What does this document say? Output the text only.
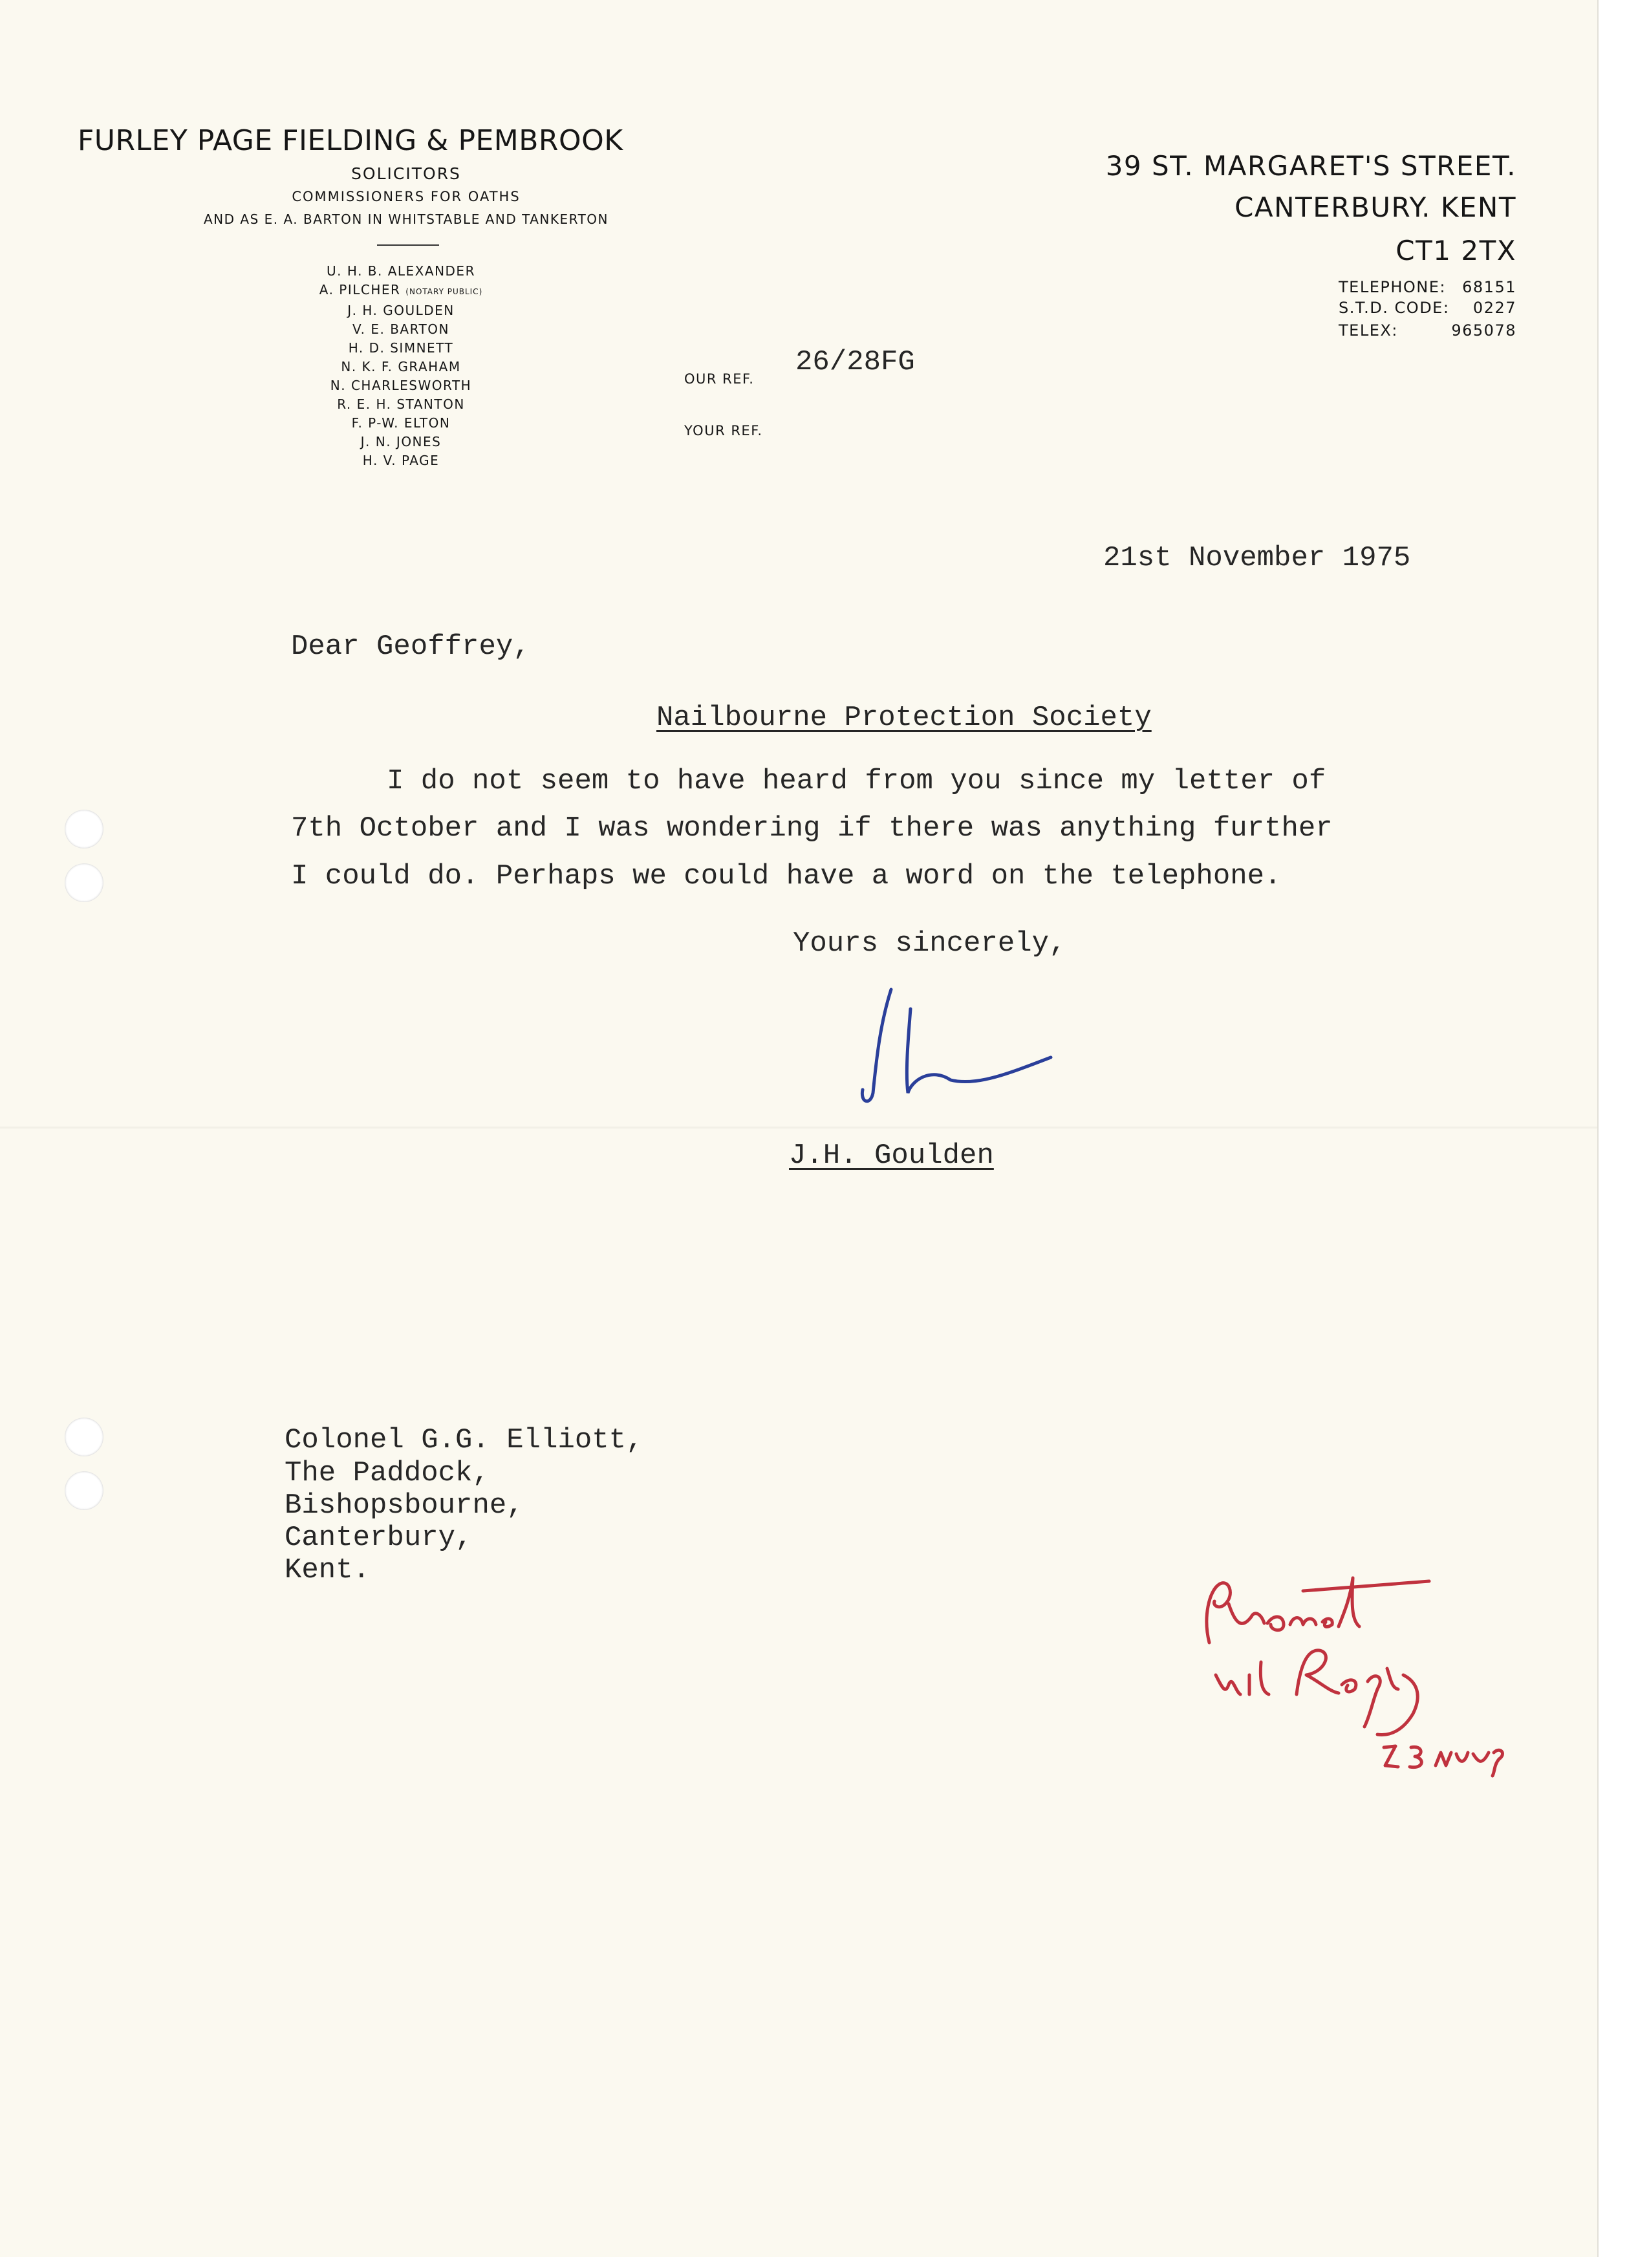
FURLEY PAGE FIELDING & PEMBROOK
SOLICITORS
COMMISSIONERS FOR OATHS
AND AS E. A. BARTON IN WHITSTABLE AND TANKERTON
U. H. B. ALEXANDER
A. PILCHER (NOTARY PUBLIC)
J. H. GOULDEN
V. E. BARTON
H. D. SIMNETT
N. K. F. GRAHAM
N. CHARLESWORTH
R. E. H. STANTON
F. P-W. ELTON
J. N. JONES
H. V. PAGE
39 ST. MARGARET'S STREET.
CANTERBURY. KENT
CT1 2TX
TELEPHONE: 68151
S.T.D. CODE: 0227
TELEX:	965078
OUR REF.
26/28FG
YOUR REF.
21st November 1975
Dear Geoffrey,
Nailbourne Protection Society
I do not seem to have heard from you since my letter of
7th October and I was wondering if there was anything further
I could do. Perhaps we could have a word on the telephone.
Yours sincerely,
J.H. Goulden
Colonel G.G. Elliott,
The Paddock,
Bishopsbourne,
Canterbury,
Kent.
